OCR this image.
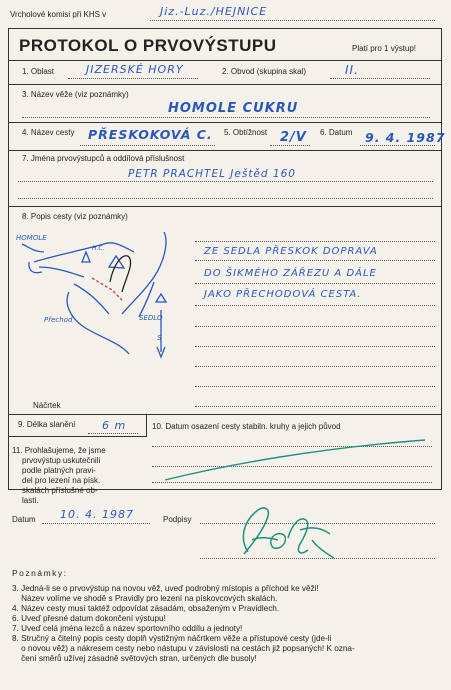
Vrcholové komisi při KHS v	Jiz.-Luz./HEJNICE
PROTOKOL O PRVOVÝSTUPU	Platí pro 1 výstup!
1. Oblast	JIZERSKÉ HORY	2. Obvod (skupina skal)	II.
3. Název věže (viz poznámky)
HOMOLE CUKRU
4. Název cesty PŘESKOKOVÁ C. 5. Obtížnost 2/V 6. Datum 9. 4. 1987
7. Jména prvovýstupců a oddílová příslušnost
PETR PRACHTEL Ještěd 160
8. Popis cesty (viz poznámky)
HOMOLE
H.C.
Přechod	SEDLO
S
ZE SEDLA PŘESKOK DOPRAVA
DO ŠIKMÉHO ZÁŘEZU A DÁLE
JAKO PŘECHODOVÁ CESTA.
Náčrtek
9. Délka slanění 6 m	10. Datum osazení cesty stabiln. kruhy a jejich původ
11. Prohlašujeme, že jsme
prvovýstup uskutečnili
podle platných pravi-
del pro lezení na písk.
skalách příslušné ob-
lasti.
Datum 10. 4. 1987	Podpisy
Poznámky:
3. Jedná-li se o prvovýstup na novou věž, uveď podrobný místopis a příchod ke věži!
Název volíme ve shodě s Pravidly pro lezení na pískovcových skalách.
4. Název cesty musí taktéž odpovídat zásadám, obsaženým v Pravidlech.
6. Uveď přesné datum dokončení výstupu!
7. Uveď celá jména lezců a název sportovního oddílu a jednoty!
8. Stručný a čitelný popis cesty doplň výstižným náčrtkem věže a přístupové cesty (jde-li
o novou věž) a nákresem cesty nebo nástupu v závislosti na cestách již popsaných! K ozna-
čení směrů užívej zásadně světových stran, určených dle busoly!
